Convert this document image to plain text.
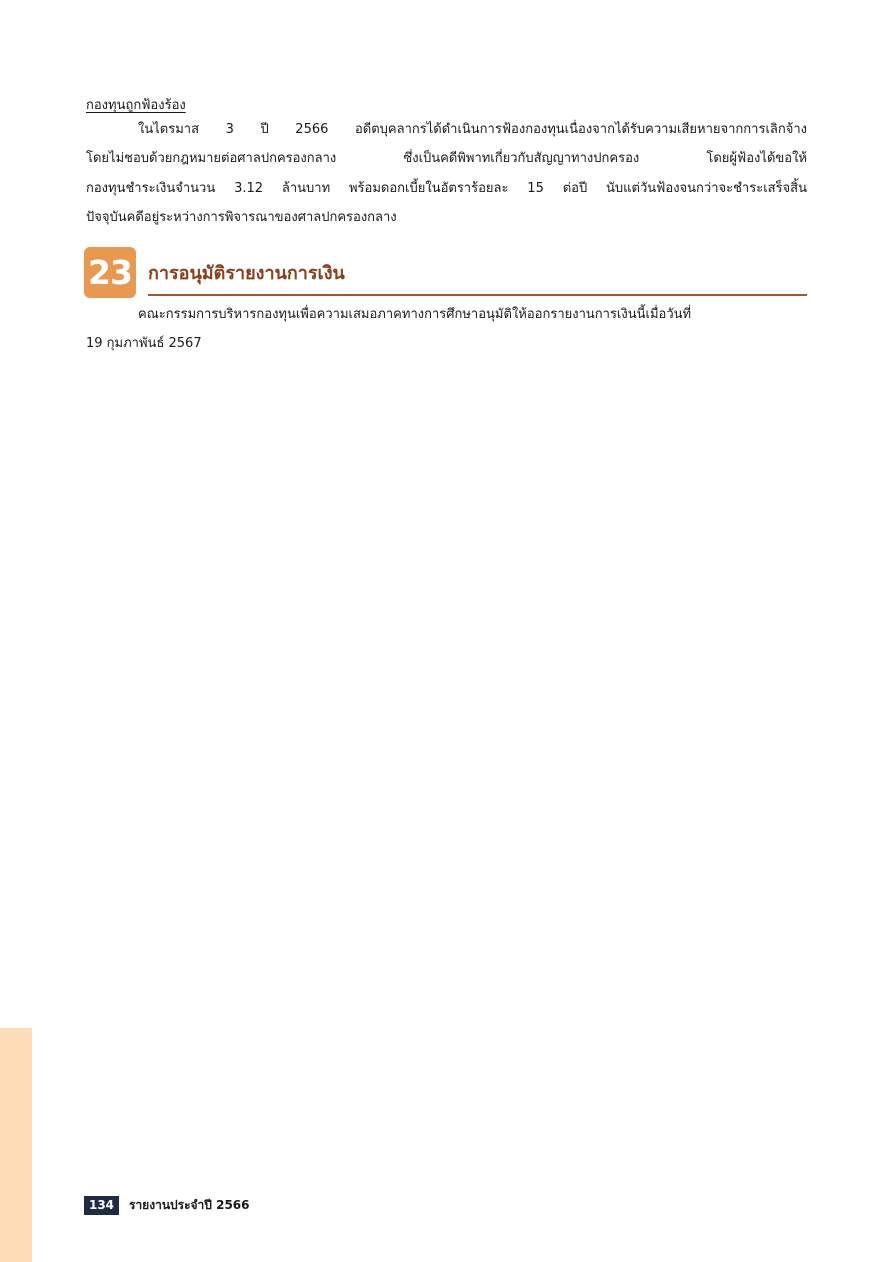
กองทุนถูกฟ้องร้อง

ในไตรมาส 3 ปี 2566 อดีตบุคลากรได้ดำเนินการฟ้องกองทุนเนื่องจากได้รับความเสียหายจากการเลิกจ้าง
โดยไม่ชอบด้วยกฎหมายต่อศาลปกครองกลาง ซึ่งเป็นคดีพิพาทเกี่ยวกับสัญญาทางปกครอง โดยผู้ฟ้องได้ขอให้
กองทุนชำระเงินจำนวน 3.12 ล้านบาท พร้อมดอกเบี้ยในอัตราร้อยละ 15 ต่อปี นับแต่วันฟ้องจนกว่าจะชำระเสร็จสิ้น
ปัจจุบันคดีอยู่ระหว่างการพิจารณาของศาลปกครองกลาง
23 การอนุมัติรายงานการเงิน
คณะกรรมการบริหารกองทุนเพื่อความเสมอภาคทางการศึกษาอนุมัติให้ออกรายงานการเงินนี้เมื่อวันที่
19 กุมภาพันธ์ 2567
134	รายงานประจำปี 2566
